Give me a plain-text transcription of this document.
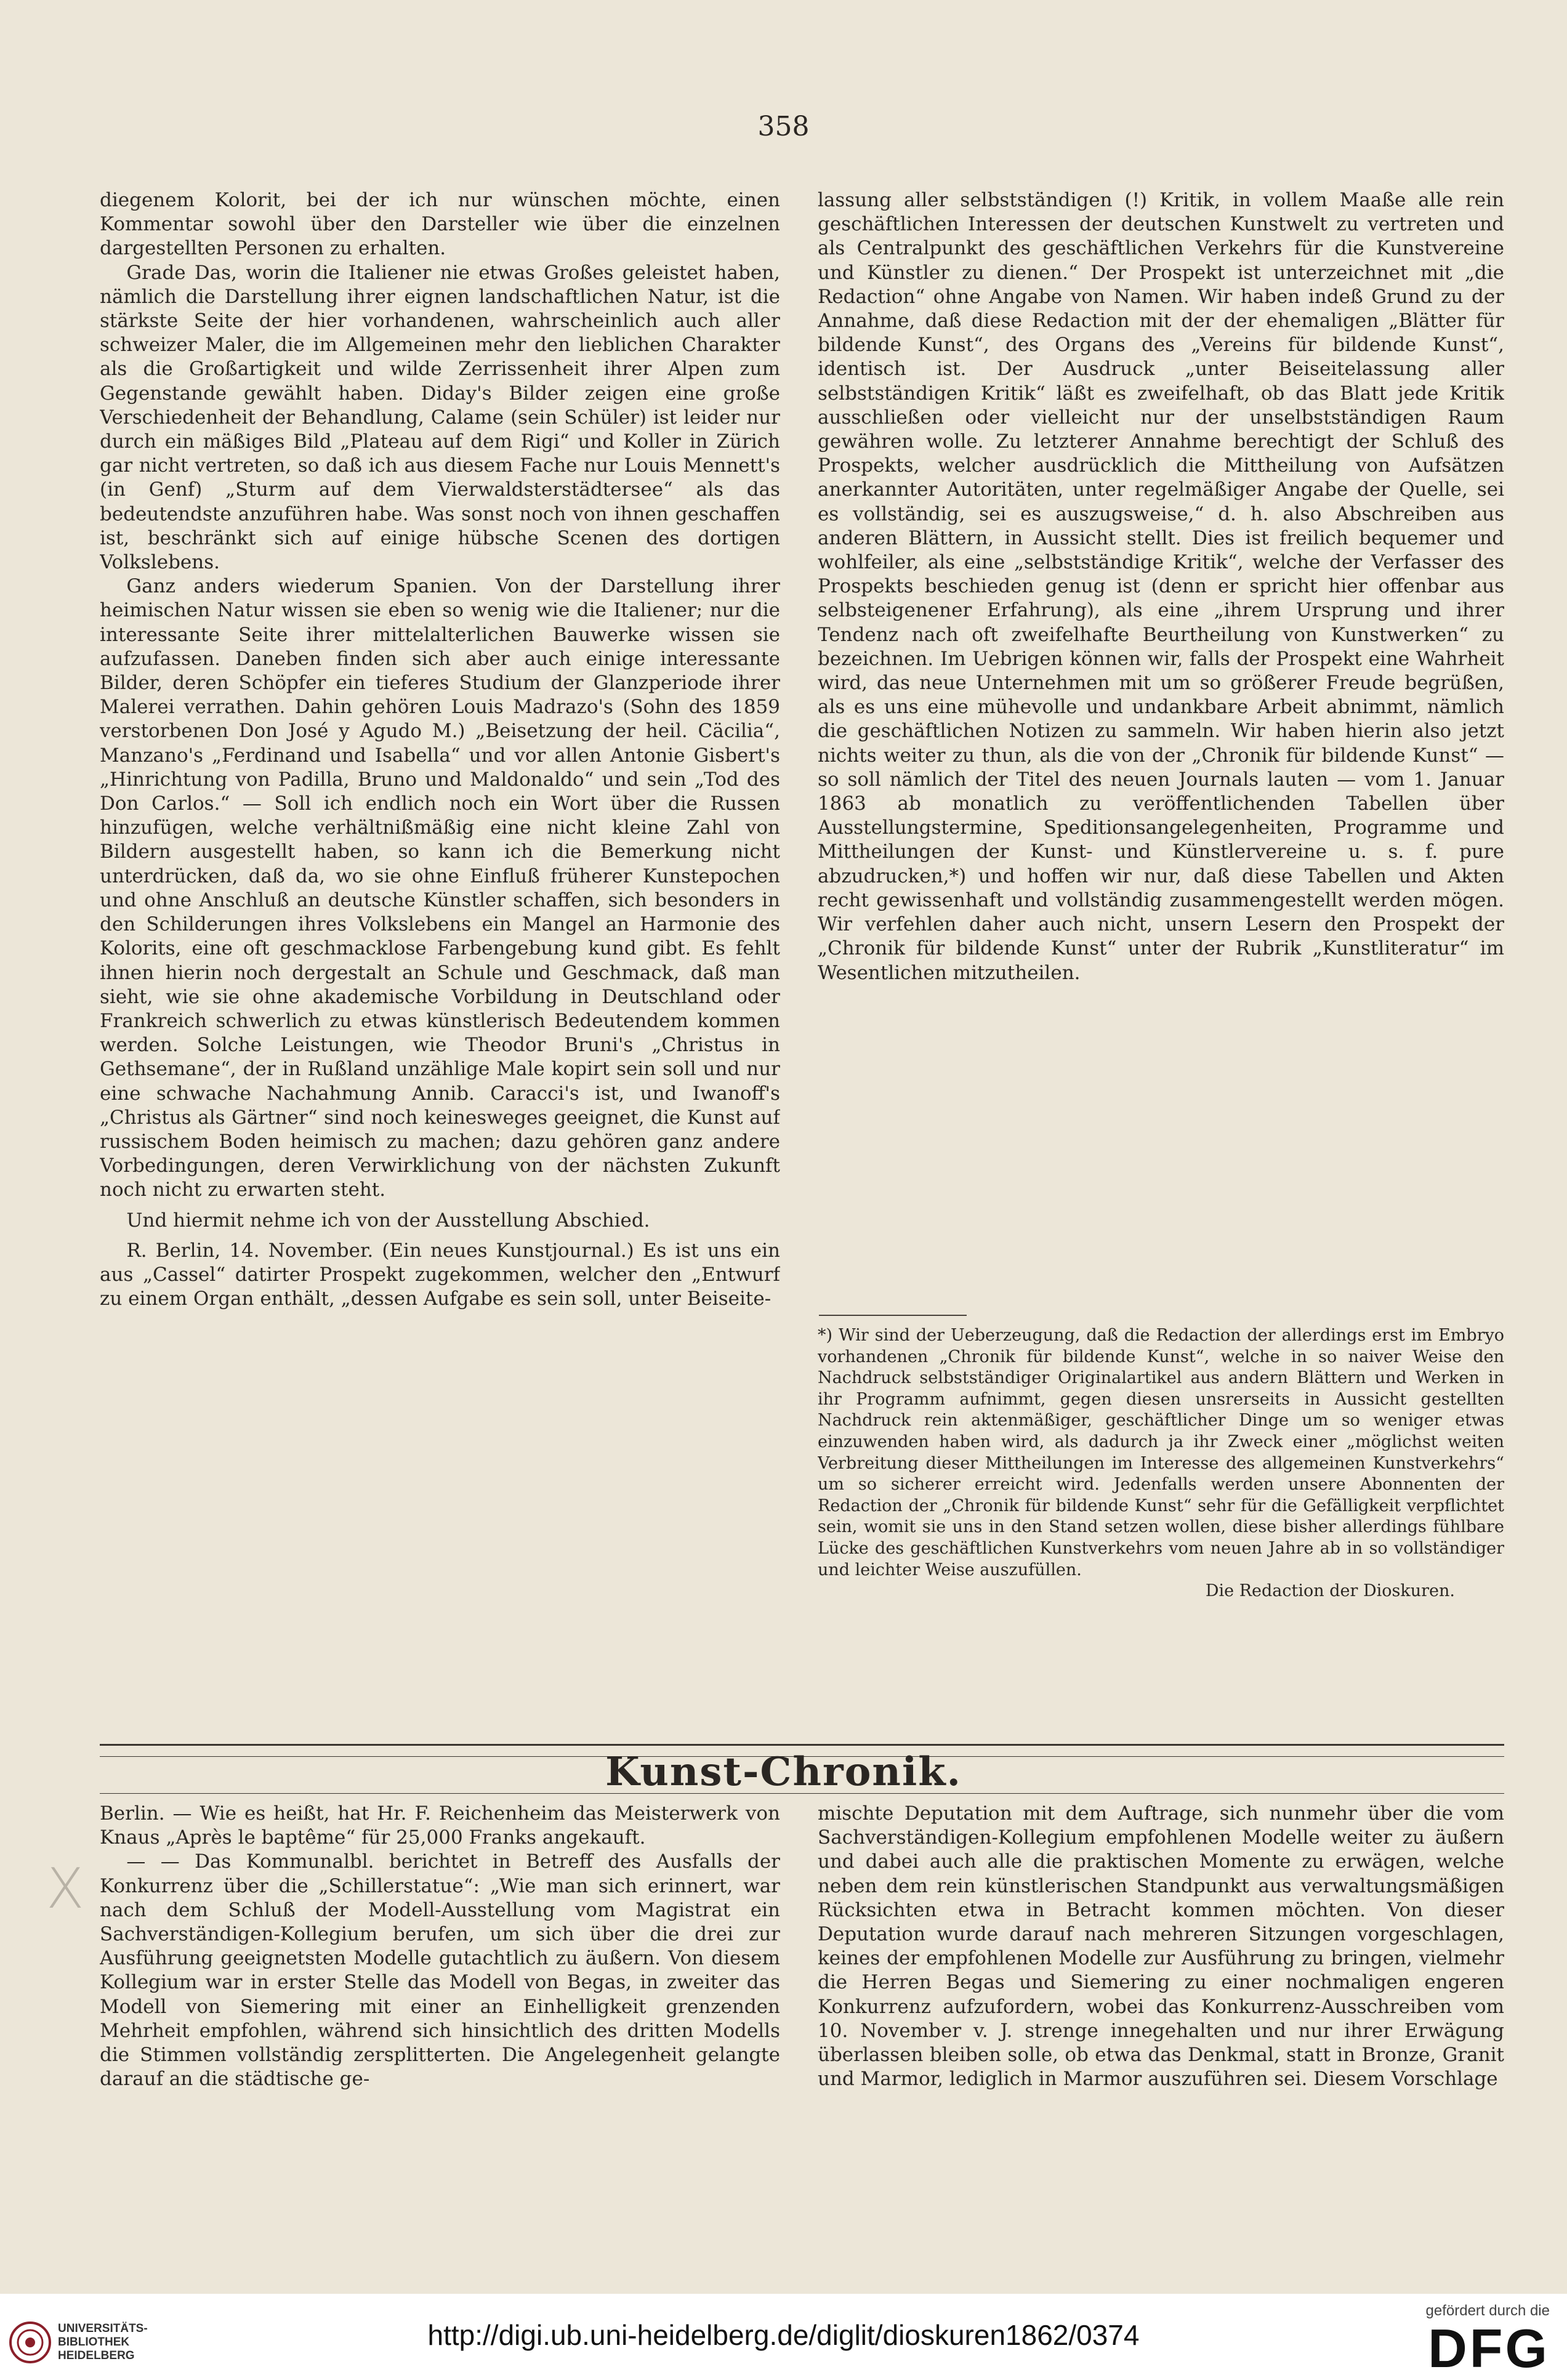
358

diegenem Kolorit, bei der ich nur wünschen möchte, einen Kommentar sowohl über den Darsteller wie über die einzelnen dargestellten Personen zu erhalten.

Grade Das, worin die Italiener nie etwas Großes geleistet haben, nämlich die Darstellung ihrer eignen landschaftlichen Natur, ist die stärkste Seite der hier vorhandenen, wahrscheinlich auch aller schweizer Maler, die im Allgemeinen mehr den lieblichen Charakter als die Großartigkeit und wilde Zerrissenheit ihrer Alpen zum Gegenstande gewählt haben. Diday's Bilder zeigen eine große Verschiedenheit der Behandlung, Calame (sein Schüler) ist leider nur durch ein mäßiges Bild „Plateau auf dem Rigi“ und Koller in Zürich gar nicht vertreten, so daß ich aus diesem Fache nur Louis Mennett's (in Genf) „Sturm auf dem Vierwaldsterstädtersee“ als das bedeutendste anzuführen habe. Was sonst noch von ihnen geschaffen ist, beschränkt sich auf einige hübsche Scenen des dortigen Volkslebens.

Ganz anders wiederum Spanien. Von der Darstellung ihrer heimischen Natur wissen sie eben so wenig wie die Italiener; nur die interessante Seite ihrer mittelalterlichen Bauwerke wissen sie aufzufassen. Daneben finden sich aber auch einige interessante Bilder, deren Schöpfer ein tieferes Studium der Glanzperiode ihrer Malerei verrathen. Dahin gehören Louis Madrazo's (Sohn des 1859 verstorbenen Don José y Agudo M.) „Beisetzung der heil. Cäcilia“, Manzano's „Ferdinand und Isabella“ und vor allen Antonie Gisbert's „Hinrichtung von Padilla, Bruno und Maldonaldo“ und sein „Tod des Don Carlos.“ — Soll ich endlich noch ein Wort über die Russen hinzufügen, welche verhältnißmäßig eine nicht kleine Zahl von Bildern ausgestellt haben, so kann ich die Bemerkung nicht unterdrücken, daß da, wo sie ohne Einfluß früherer Kunstepochen und ohne Anschluß an deutsche Künstler schaffen, sich besonders in den Schilderungen ihres Volkslebens ein Mangel an Harmonie des Kolorits, eine oft geschmacklose Farbengebung kund gibt. Es fehlt ihnen hierin noch dergestalt an Schule und Geschmack, daß man sieht, wie sie ohne akademische Vorbildung in Deutschland oder Frankreich schwerlich zu etwas künstlerisch Bedeutendem kommen werden. Solche Leistungen, wie Theodor Bruni's „Christus in Gethsemane“, der in Rußland unzählige Male kopirt sein soll und nur eine schwache Nachahmung Annib. Caracci's ist, und Iwanoff's „Christus als Gärtner“ sind noch keinesweges geeignet, die Kunst auf russischem Boden heimisch zu machen; dazu gehören ganz andere Vorbedingungen, deren Verwirklichung von der nächsten Zukunft noch nicht zu erwarten steht.

Und hiermit nehme ich von der Ausstellung Abschied.

R. Berlin, 14. November. (Ein neues Kunstjournal.) Es ist uns ein aus „Cassel“ datirter Prospekt zugekommen, welcher den „Entwurf zu einem Organ enthält, „dessen Aufgabe es sein soll, unter Beiseite-

lassung aller selbstständigen (!) Kritik, in vollem Maaße alle rein geschäftlichen Interessen der deutschen Kunstwelt zu vertreten und als Centralpunkt des geschäftlichen Verkehrs für die Kunstvereine und Künstler zu dienen.“ Der Prospekt ist unterzeichnet mit „die Redaction“ ohne Angabe von Namen. Wir haben indeß Grund zu der Annahme, daß diese Redaction mit der der ehemaligen „Blätter für bildende Kunst“, des Organs des „Vereins für bildende Kunst“, identisch ist. Der Ausdruck „unter Beiseitelassung aller selbstständigen Kritik“ läßt es zweifelhaft, ob das Blatt jede Kritik ausschließen oder vielleicht nur der unselbstständigen Raum gewähren wolle. Zu letzterer Annahme berechtigt der Schluß des Prospekts, welcher ausdrücklich die Mittheilung von Aufsätzen anerkannter Autoritäten, unter regelmäßiger Angabe der Quelle, sei es vollständig, sei es auszugsweise,“ d. h. also Abschreiben aus anderen Blättern, in Aussicht stellt. Dies ist freilich bequemer und wohlfeiler, als eine „selbstständige Kritik“, welche der Verfasser des Prospekts beschieden genug ist (denn er spricht hier offenbar aus selbsteigenener Erfahrung), als eine „ihrem Ursprung und ihrer Tendenz nach oft zweifelhafte Beurtheilung von Kunstwerken“ zu bezeichnen. Im Uebrigen können wir, falls der Prospekt eine Wahrheit wird, das neue Unternehmen mit um so größerer Freude begrüßen, als es uns eine mühevolle und undankbare Arbeit abnimmt, nämlich die geschäftlichen Notizen zu sammeln. Wir haben hierin also jetzt nichts weiter zu thun, als die von der „Chronik für bildende Kunst“ — so soll nämlich der Titel des neuen Journals lauten — vom 1. Januar 1863 ab monatlich zu veröffentlichenden Tabellen über Ausstellungstermine, Speditionsangelegenheiten, Programme und Mittheilungen der Kunst- und Künstlervereine u. s. f. pure abzudrucken,*) und hoffen wir nur, daß diese Tabellen und Akten recht gewissenhaft und vollständig zusammengestellt werden mögen. Wir verfehlen daher auch nicht, unsern Lesern den Prospekt der „Chronik für bildende Kunst“ unter der Rubrik „Kunstliteratur“ im Wesentlichen mitzutheilen.

*) Wir sind der Ueberzeugung, daß die Redaction der allerdings erst im Embryo vorhandenen „Chronik für bildende Kunst“, welche in so naiver Weise den Nachdruck selbstständiger Originalartikel aus andern Blättern und Werken in ihr Programm aufnimmt, gegen diesen unsrerseits in Aussicht gestellten Nachdruck rein aktenmäßiger, geschäftlicher Dinge um so weniger etwas einzuwenden haben wird, als dadurch ja ihr Zweck einer „möglichst weiten Verbreitung dieser Mittheilungen im Interesse des allgemeinen Kunstverkehrs“ um so sicherer erreicht wird. Jedenfalls werden unsere Abonnenten der Redaction der „Chronik für bildende Kunst“ sehr für die Gefälligkeit verpflichtet sein, womit sie uns in den Stand setzen wollen, diese bisher allerdings fühlbare Lücke des geschäftlichen Kunstverkehrs vom neuen Jahre ab in so vollständiger und leichter Weise auszufüllen.

Die Redaction der Dioskuren.

Kunst-Chronik.

Berlin. — Wie es heißt, hat Hr. F. Reichenheim das Meisterwerk von Knaus „Après le baptême“ für 25,000 Franks angekauft.

— — Das Kommunalbl. berichtet in Betreff des Ausfalls der Konkurrenz über die „Schillerstatue“: „Wie man sich erinnert, war nach dem Schluß der Modell-Ausstellung vom Magistrat ein Sachverständigen-Kollegium berufen, um sich über die drei zur Ausführung geeignetsten Modelle gutachtlich zu äußern. Von diesem Kollegium war in erster Stelle das Modell von Begas, in zweiter das Modell von Siemering mit einer an Einhelligkeit grenzenden Mehrheit empfohlen, während sich hinsichtlich des dritten Modells die Stimmen vollständig zersplitterten. Die Angelegenheit gelangte darauf an die städtische ge-

mischte Deputation mit dem Auftrage, sich nunmehr über die vom Sachverständigen-Kollegium empfohlenen Modelle weiter zu äußern und dabei auch alle die praktischen Momente zu erwägen, welche neben dem rein künstlerischen Standpunkt aus verwaltungsmäßigen Rücksichten etwa in Betracht kommen möchten. Von dieser Deputation wurde darauf nach mehreren Sitzungen vorgeschlagen, keines der empfohlenen Modelle zur Ausführung zu bringen, vielmehr die Herren Begas und Siemering zu einer nochmaligen engeren Konkurrenz aufzufordern, wobei das Konkurrenz-Ausschreiben vom 10. November v. J. strenge innegehalten und nur ihrer Erwägung überlassen bleiben solle, ob etwa das Denkmal, statt in Bronze, Granit und Marmor, lediglich in Marmor auszuführen sei. Diesem Vorschlage

X
UNIVERSITÄTS-
BIBLIOTHEK
HEIDELBERG
http://digi.ub.uni-heidelberg.de/diglit/dioskuren1862/0374
gefördert durch die
DFG
